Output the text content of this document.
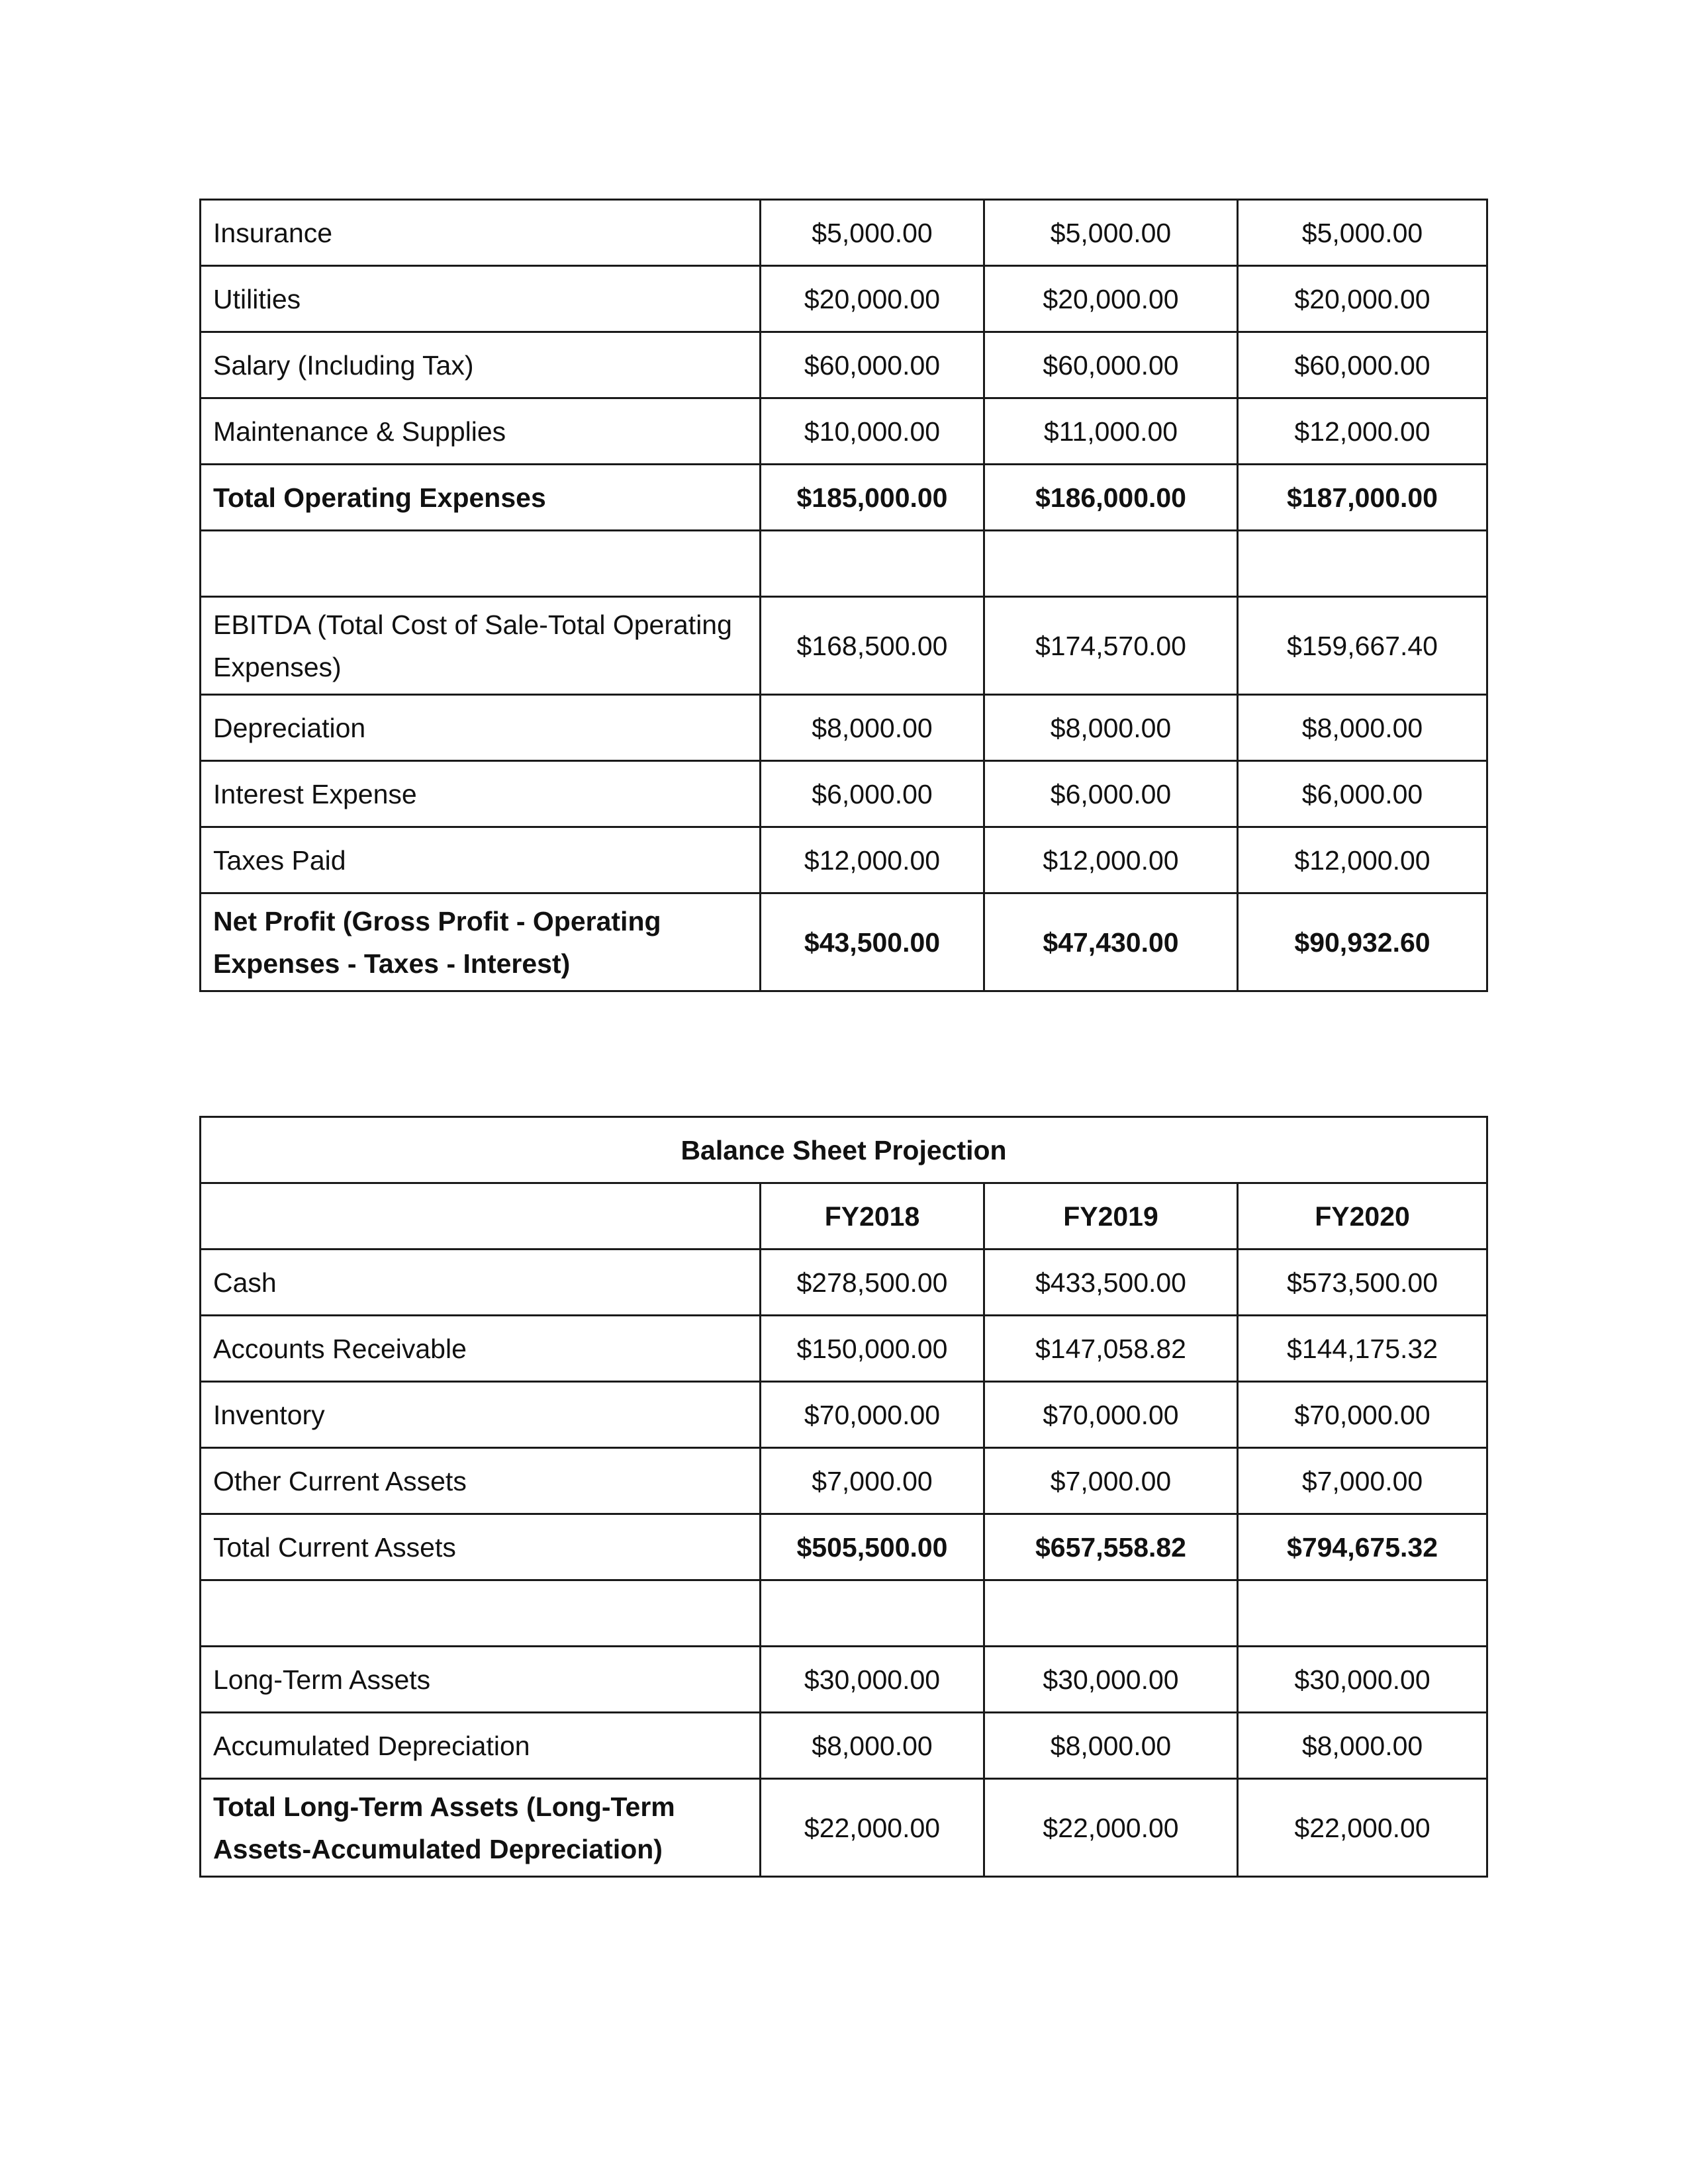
Insurance	$5,000.00	$5,000.00	$5,000.00
Utilities	$20,000.00	$20,000.00	$20,000.00
Salary (Including Tax)	$60,000.00	$60,000.00	$60,000.00
Maintenance & Supplies	$10,000.00	$11,000.00	$12,000.00
Total Operating Expenses	$185,000.00	$186,000.00	$187,000.00

EBITDA (Total Cost of Sale-Total Operating Expenses)	$168,500.00	$174,570.00	$159,667.40
Depreciation	$8,000.00	$8,000.00	$8,000.00
Interest Expense	$6,000.00	$6,000.00	$6,000.00
Taxes Paid	$12,000.00	$12,000.00	$12,000.00
Net Profit (Gross Profit - Operating Expenses - Taxes - Interest)	$43,500.00	$47,430.00	$90,932.60
Balance Sheet Projection			
	FY2018	FY2019	FY2020
Cash	$278,500.00	$433,500.00	$573,500.00
Accounts Receivable	$150,000.00	$147,058.82	$144,175.32
Inventory	$70,000.00	$70,000.00	$70,000.00
Other Current Assets	$7,000.00	$7,000.00	$7,000.00
Total Current Assets	$505,500.00	$657,558.82	$794,675.32

Long-Term Assets	$30,000.00	$30,000.00	$30,000.00
Accumulated Depreciation	$8,000.00	$8,000.00	$8,000.00
Total Long-Term Assets (Long-Term Assets-Accumulated Depreciation)	$22,000.00	$22,000.00	$22,000.00
